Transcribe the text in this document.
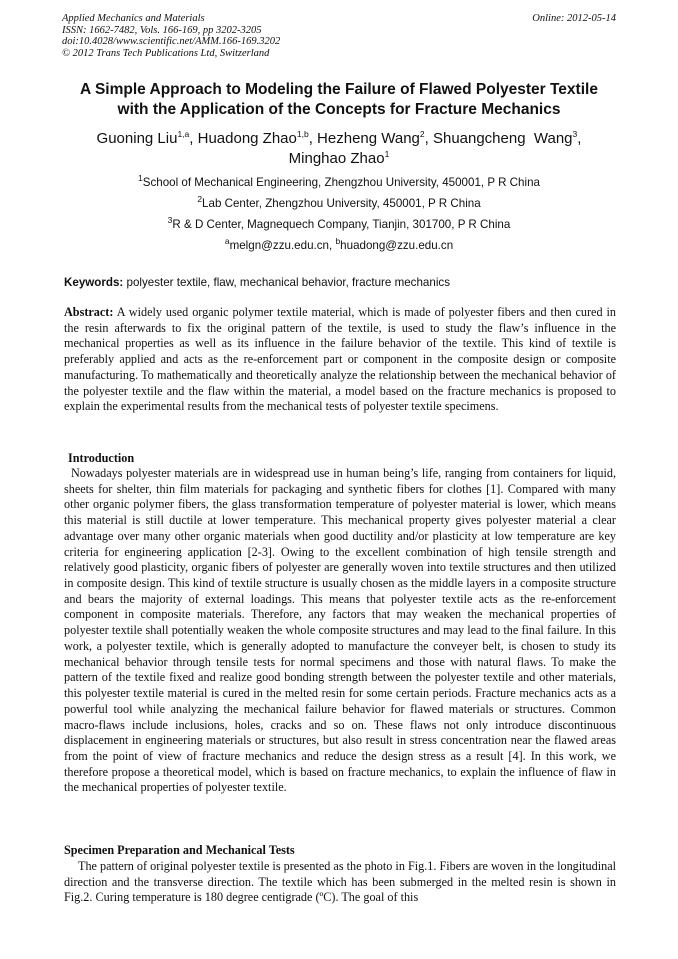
Applied Mechanics and Materials
ISSN: 1662-7482, Vols. 166-169, pp 3202-3205
doi:10.4028/www.scientific.net/AMM.166-169.3202
© 2012 Trans Tech Publications Ltd, Switzerland
Online: 2012-05-14
A Simple Approach to Modeling the Failure of Flawed Polyester Textile
with the Application of the Concepts for Fracture Mechanics
Guoning Liu$^{1,a}$, Huadong Zhao$^{1,b}$, Hezheng Wang$^2$, Shuangcheng  Wang$^3$,
Minghao Zhao$^1$
$^1$School of Mechanical Engineering, Zhengzhou University, 450001, P R China
$^2$Lab Center, Zhengzhou University, 450001, P R China
$^3$R & D Center, Magnequech Company, Tianjin, 301700, P R China
$^a$melgn@zzu.edu.cn, $^b$huadong@zzu.edu.cn
Keywords: polyester textile, flaw, mechanical behavior, fracture mechanics

Abstract: A widely used organic polymer textile material, which is made of polyester fibers and then cured in the resin afterwards to fix the original pattern of the textile, is used to study the flaw’s influence in the mechanical properties as well as its influence in the failure behavior of the textile. This kind of textile is preferably applied and acts as the re-enforcement part or component in the composite design or composite manufacturing. To mathematically and theoretically analyze the relationship between the mechanical behavior of the polyester textile and the flaw within the material, a model based on the fracture mechanics is proposed to explain the experimental results from the mechanical tests of polyester textile specimens.

Introduction

Nowadays polyester materials are in widespread use in human being’s life, ranging from containers for liquid, sheets for shelter, thin film materials for packaging and synthetic fibers for clothes [1]. Compared with many other organic polymer fibers, the glass transformation temperature of polyester material is lower, which means this material is still ductile at lower temperature. This mechanical property gives polyester material a clear advantage over many other organic materials when good ductility and/or plasticity at low temperature are key criteria for engineering application [2-3]. Owing to the excellent combination of high tensile strength and relatively good plasticity, organic fibers of polyester are generally woven into textile structures and then utilized in composite design. This kind of textile structure is usually chosen as the middle layers in a composite structure and bears the majority of external loadings. This means that polyester textile acts as the re-enforcement component in composite materials. Therefore, any factors that may weaken the mechanical properties of polyester textile shall potentially weaken the whole composite structures and may lead to the final failure. In this work, a polyester textile, which is generally adopted to manufacture the conveyer belt, is chosen to study its mechanical behavior through tensile tests for normal specimens and those with natural flaws. To make the pattern of the textile fixed and realize good bonding strength between the polyester textile and other materials, this polyester textile material is cured in the melted resin for some certain periods. Fracture mechanics acts as a powerful tool while analyzing the mechanical failure behavior for flawed materials or structures. Common macro-flaws include inclusions, holes, cracks and so on. These flaws not only introduce discontinuous displacement in engineering materials or structures, but also result in stress concentration near the flawed areas from the point of view of fracture mechanics and reduce the design stress as a result [4]. In this work, we therefore propose a theoretical model, which is based on fracture mechanics, to explain the influence of flaw in the mechanical properties of polyester textile.

Specimen Preparation and Mechanical Tests

The pattern of original polyester textile is presented as the photo in Fig.1. Fibers are woven in the longitudinal direction and the transverse direction. The textile which has been submerged in the melted resin is shown in Fig.2. Curing temperature is 180 degree centigrade (ºC). The goal of this
